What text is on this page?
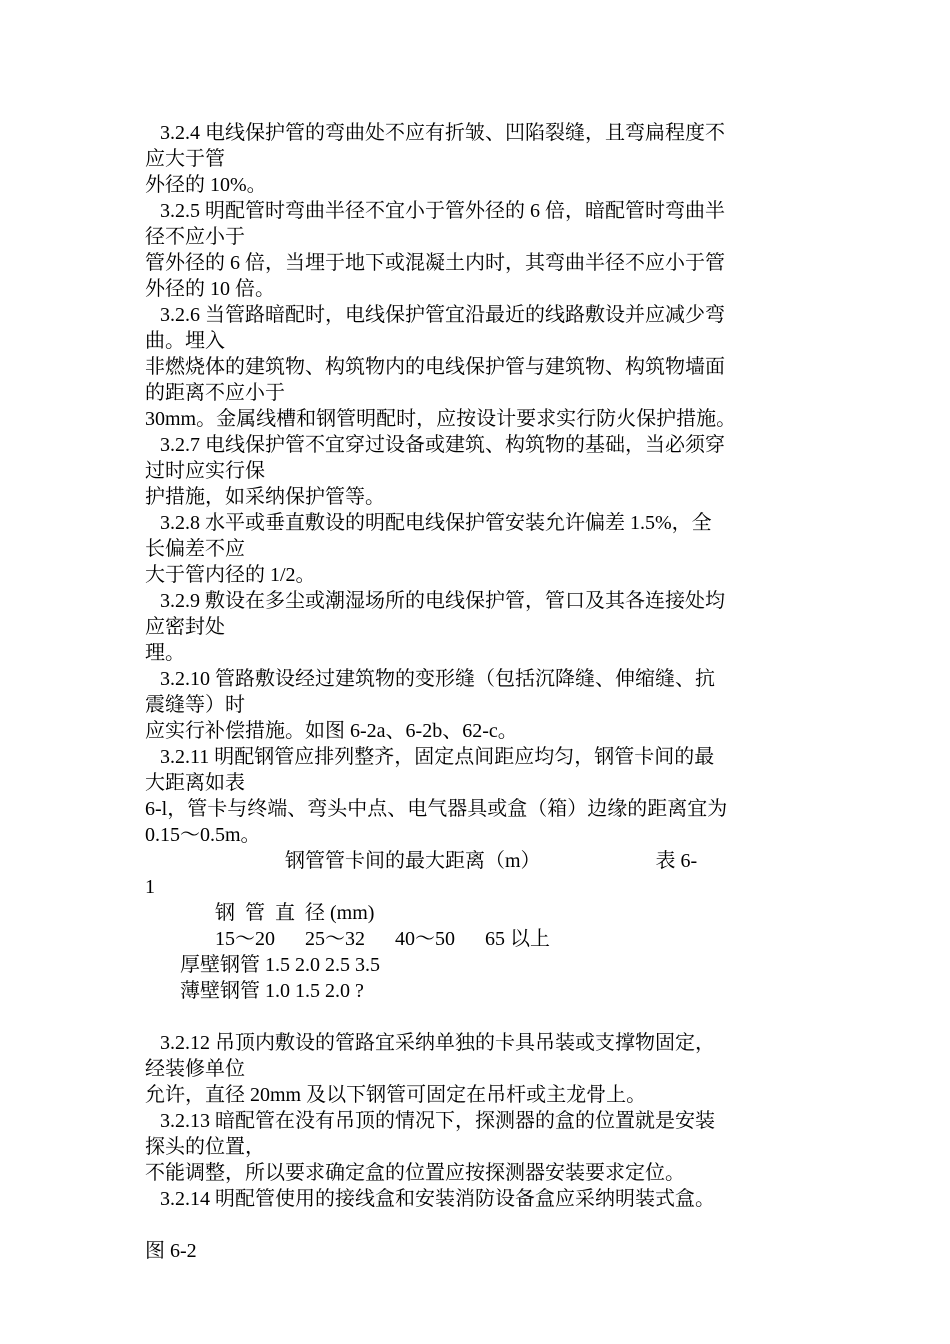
3.2.4 电线保护管的弯曲处不应有折皱、凹陷裂缝，且弯扁程度不
应大于管
外径的 10%。
3.2.5 明配管时弯曲半径不宜小于管外径的 6 倍，暗配管时弯曲半
径不应小于
管外径的 6 倍，当埋于地下或混凝土内时，其弯曲半径不应小于管
外径的 10 倍。
3.2.6 当管路暗配时，电线保护管宜沿最近的线路敷设并应减少弯
曲。埋入
非燃烧体的建筑物、构筑物内的电线保护管与建筑物、构筑物墙面
的距离不应小于
30mm。金属线槽和钢管明配时，应按设计要求实行防火保护措施。
3.2.7 电线保护管不宜穿过设备或建筑、构筑物的基础，当必须穿
过时应实行保
护措施，如采纳保护管等。
3.2.8 水平或垂直敷设的明配电线保护管安装允许偏差 1.5%，全
长偏差不应
大于管内径的 1/2。
3.2.9 敷设在多尘或潮湿场所的电线保护管，管口及其各连接处均
应密封处
理。
3.2.10 管路敷设经过建筑物的变形缝（包括沉降缝、伸缩缝、抗
震缝等）时
应实行补偿措施。如图 6-2a、6-2b、62-c。
3.2.11 明配钢管应排列整齐，固定点间距应均匀，钢管卡间的最
大距离如表
6-l，管卡与终端、弯头中点、电气器具或盒（箱）边缘的距离宜为
0.15～0.5m。
钢管管卡间的最大距离（m）                       表 6-
1
钢  管  直  径 (mm)
15～20      25～32      40～50      65 以上
厚壁钢管 1.5 2.0 2.5 3.5
薄壁钢管 1.0 1.5 2.0 ?
3.2.12 吊顶内敷设的管路宜采纳单独的卡具吊装或支撑物固定，
经装修单位
允许，直径 20mm 及以下钢管可固定在吊杆或主龙骨上。
3.2.13 暗配管在没有吊顶的情况下，探测器的盒的位置就是安装
探头的位置，
不能调整，所以要求确定盒的位置应按探测器安装要求定位。
3.2.14 明配管使用的接线盒和安装消防设备盒应采纳明装式盒。
图 6-2
